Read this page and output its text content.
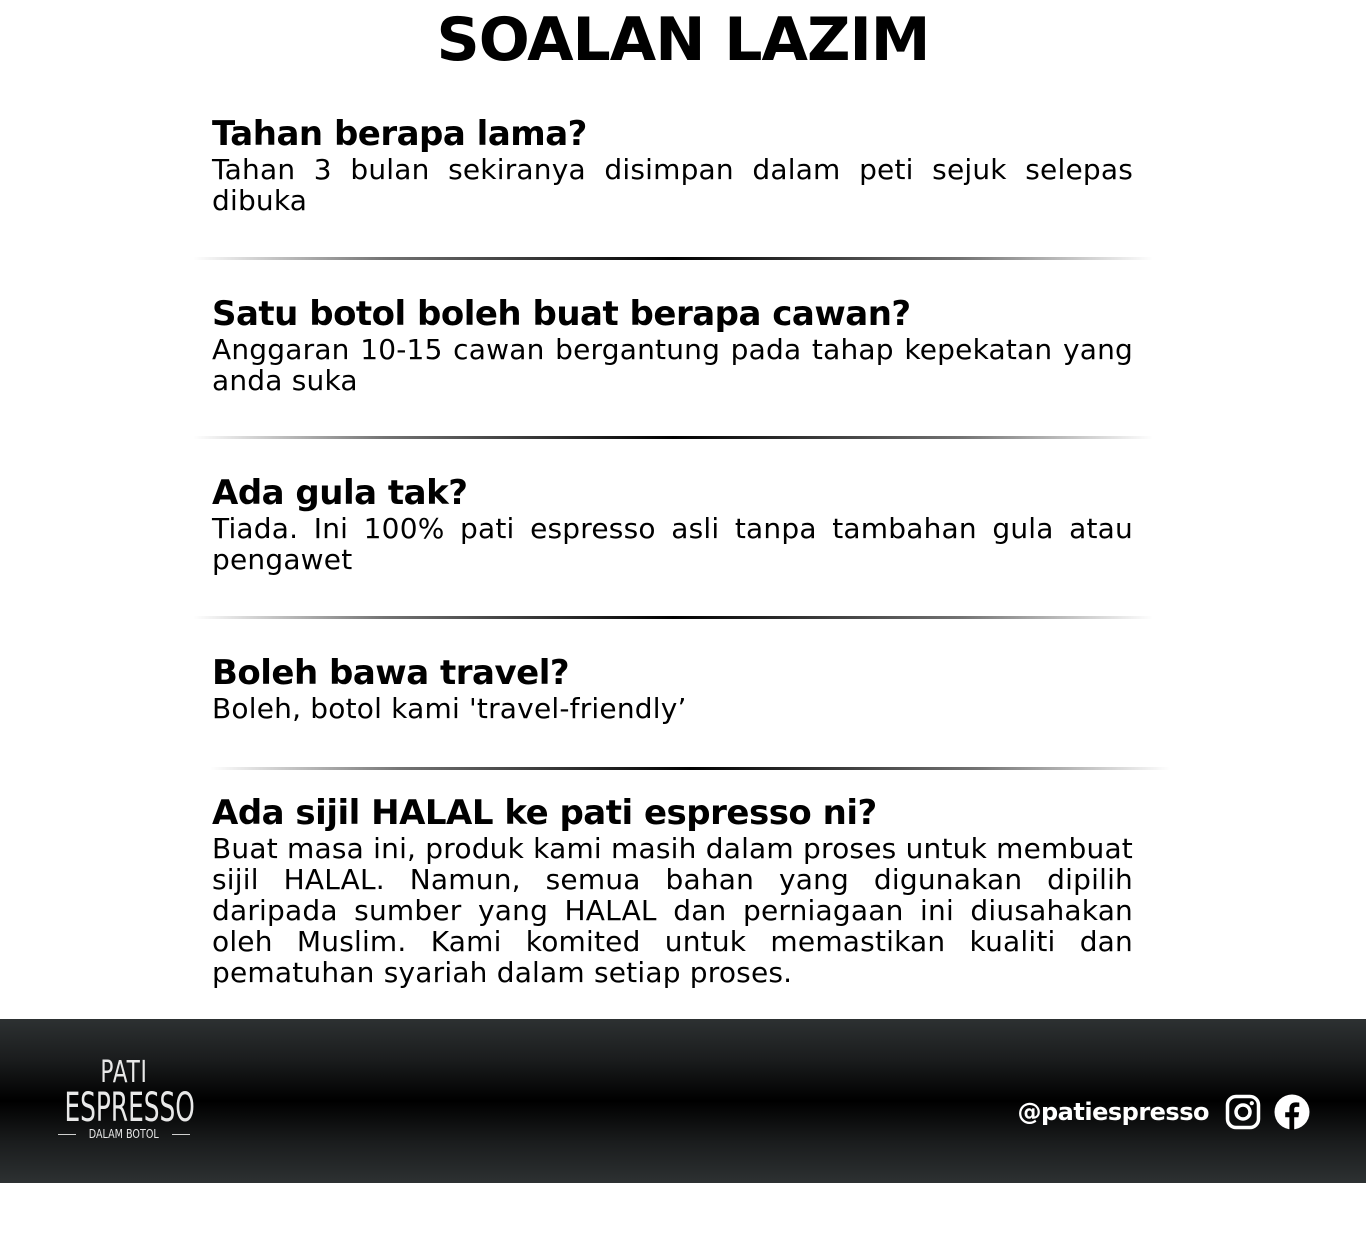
SOALAN LAZIM
Tahan berapa lama?
Tahan 3 bulan sekiranya disimpan dalam peti sejuk selepas dibuka
Satu botol boleh buat berapa cawan?
Anggaran 10-15 cawan bergantung pada tahap kepekatan yang anda suka
Ada gula tak?
Tiada. Ini 100% pati espresso asli tanpa tambahan gula atau pengawet
Boleh bawa travel?
Boleh, botol kami 'travel-friendly’
Ada sijil HALAL ke pati espresso ni?
Buat masa ini, produk kami masih dalam proses untuk membuat sijil HALAL. Namun, semua bahan yang digunakan dipilih daripada sumber yang HALAL dan perniagaan ini diusahakan oleh Muslim. Kami komited untuk memastikan kualiti dan pematuhan syariah dalam setiap proses.
PATI
ESPRESSO
DALAM BOTOL
@patiespresso
